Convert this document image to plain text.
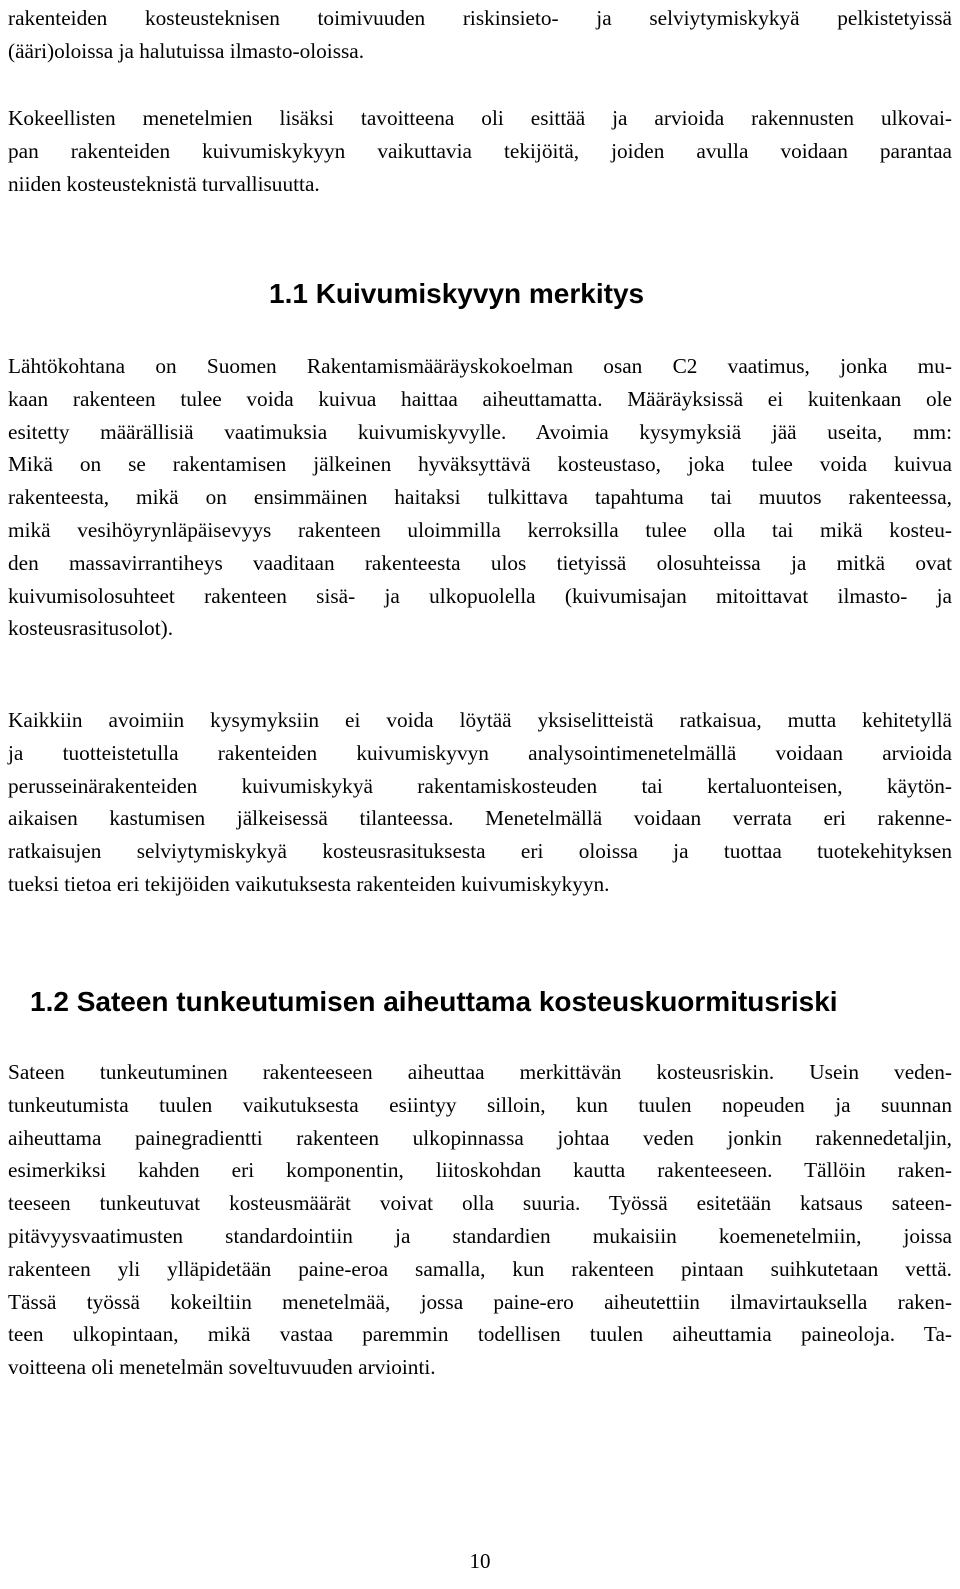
rakenteiden kosteusteknisen toimivuuden riskinsieto- ja selviytymiskykyä pelkistetyissä
(ääri)oloissa ja halutuissa ilmasto-oloissa.
Kokeellisten menetelmien lisäksi tavoitteena oli esittää ja arvioida rakennusten ulkovai-
pan rakenteiden kuivumiskykyyn vaikuttavia tekijöitä, joiden avulla voidaan parantaa
niiden kosteusteknistä turvallisuutta.
1.1 Kuivumiskyvyn merkitys
Lähtökohtana on Suomen Rakentamismääräyskokoelman osan C2 vaatimus, jonka mu-
kaan rakenteen tulee voida kuivua haittaa aiheuttamatta. Määräyksissä ei kuitenkaan ole
esitetty määrällisiä vaatimuksia kuivumiskyvylle. Avoimia kysymyksiä jää useita, mm:
Mikä on se rakentamisen jälkeinen hyväksyttävä kosteustaso, joka tulee voida kuivua
rakenteesta, mikä on ensimmäinen haitaksi tulkittava tapahtuma tai muutos rakenteessa,
mikä vesihöyrynläpäisevyys rakenteen uloimmilla kerroksilla tulee olla tai mikä kosteu-
den massavirrantiheys vaaditaan rakenteesta ulos tietyissä olosuhteissa ja mitkä ovat
kuivumisolosuhteet rakenteen sisä- ja ulkopuolella (kuivumisajan mitoittavat ilmasto- ja
kosteusrasitusolot).
Kaikkiin avoimiin kysymyksiin ei voida löytää yksiselitteistä ratkaisua, mutta kehitetyllä
ja tuotteistetulla rakenteiden kuivumiskyvyn analysointimenetelmällä voidaan arvioida
perusseinärakenteiden kuivumiskykyä rakentamiskosteuden tai kertaluonteisen, käytön-
aikaisen kastumisen jälkeisessä tilanteessa. Menetelmällä voidaan verrata eri rakenne-
ratkaisujen selviytymiskykyä kosteusrasituksesta eri oloissa ja tuottaa tuotekehityksen
tueksi tietoa eri tekijöiden vaikutuksesta rakenteiden kuivumiskykyyn.
1.2 Sateen tunkeutumisen aiheuttama kosteuskuormitusriski
Sateen tunkeutuminen rakenteeseen aiheuttaa merkittävän kosteusriskin. Usein veden-
tunkeutumista tuulen vaikutuksesta esiintyy silloin, kun tuulen nopeuden ja suunnan
aiheuttama painegradientti rakenteen ulkopinnassa johtaa veden jonkin rakennedetaljin,
esimerkiksi kahden eri komponentin, liitoskohdan kautta rakenteeseen. Tällöin raken-
teeseen tunkeutuvat kosteusmäärät voivat olla suuria. Työssä esitetään katsaus sateen-
pitävyysvaatimusten standardointiin ja standardien mukaisiin koemenetelmiin, joissa
rakenteen yli ylläpidetään paine-eroa samalla, kun rakenteen pintaan suihkutetaan vettä.
Tässä työssä kokeiltiin menetelmää, jossa paine-ero aiheutettiin ilmavirtauksella raken-
teen ulkopintaan, mikä vastaa paremmin todellisen tuulen aiheuttamia paineoloja. Ta-
voitteena oli menetelmän soveltuvuuden arviointi.
10
